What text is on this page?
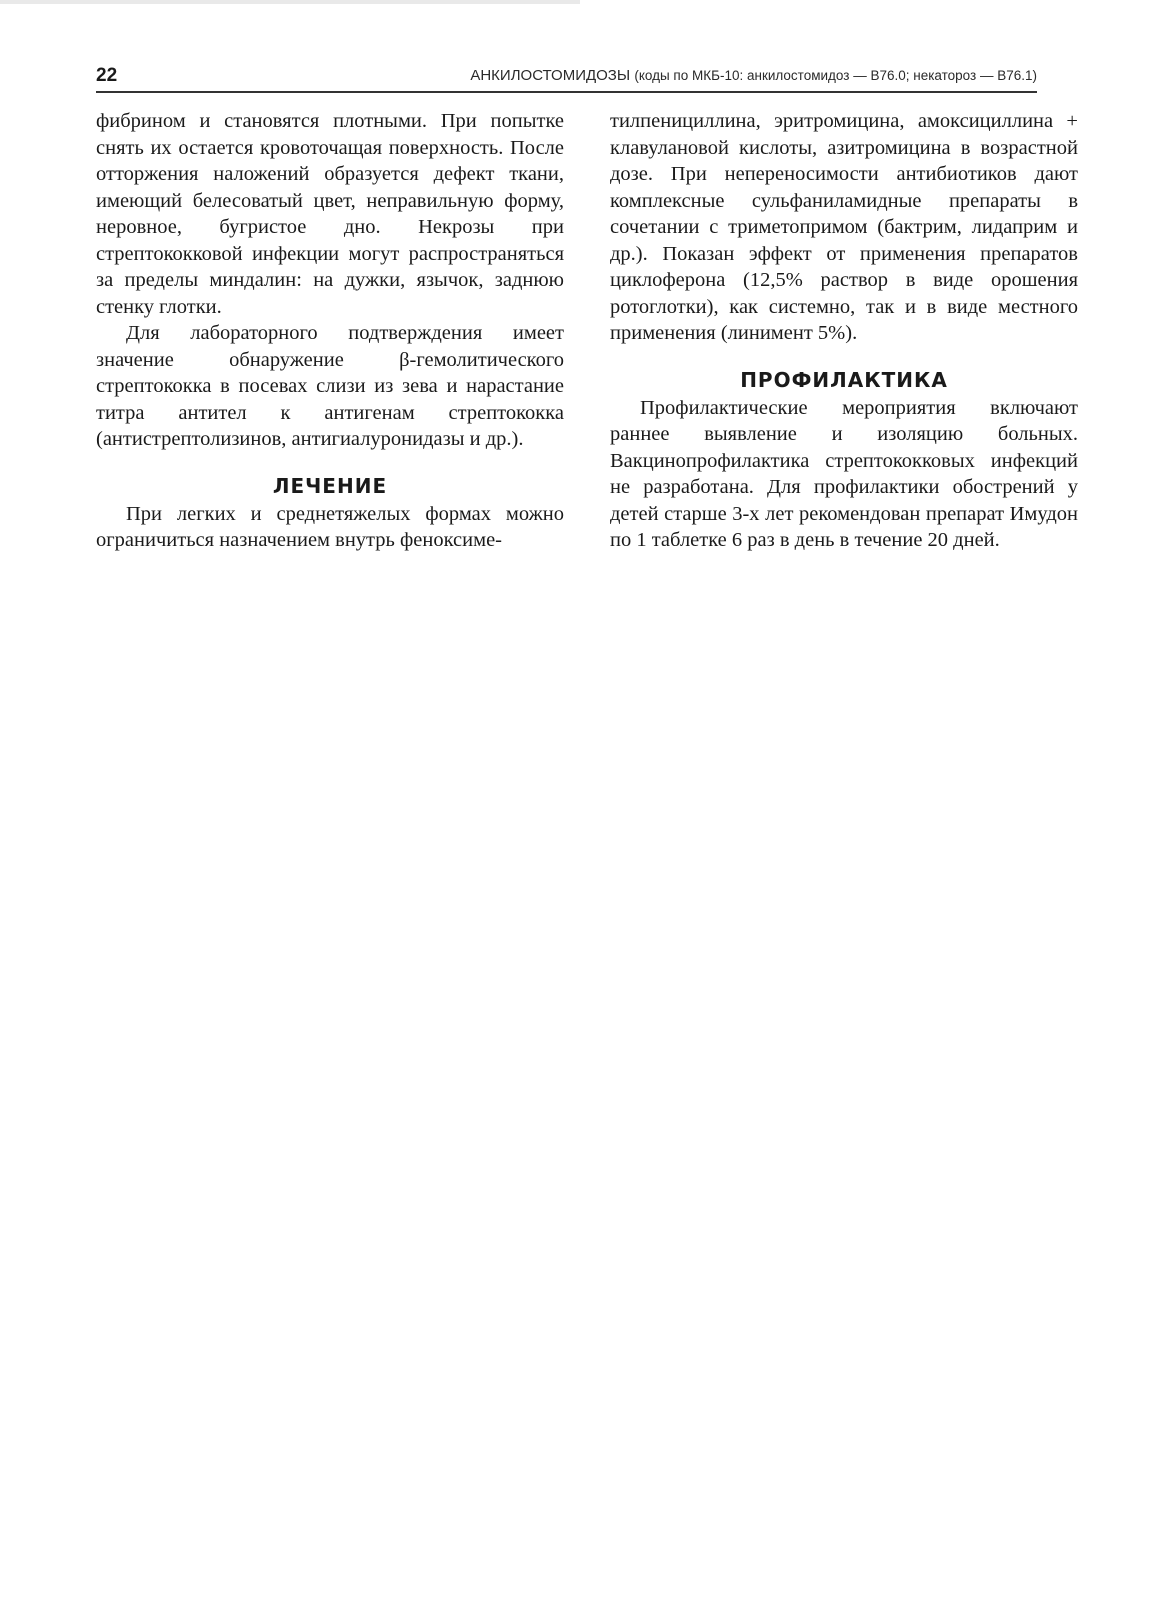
22	АНКИЛОСТОМИДОЗЫ (коды по МКБ-10: анкилостомидоз — B76.0; некатороз — B76.1)

фибрином и становятся плотными. При попытке снять их остается кровоточащая поверхность. После отторжения наложений образуется дефект ткани, имеющий белесоватый цвет, неправильную форму, неровное, бугристое дно. Некрозы при стрептококковой инфекции могут распространяться за пределы миндалин: на дужки, язычок, заднюю стенку глотки.

Для лабораторного подтверждения имеет значение обнаружение β-гемолитического стрептококка в посевах слизи из зева и нарастание титра антител к антигенам стрептококка (антистрептолизинов, антигиалуронидазы и др.).

ЛЕЧЕНИЕ

При легких и среднетяжелых формах можно ограничиться назначением внутрь феноксиме-

тилпенициллина, эритромицина, амоксициллина + клавулановой кислоты, азитромицина в возрастной дозе. При непереносимости антибиотиков дают комплексные сульфаниламидные препараты в сочетании с триметопримом (бактрим, лидаприм и др.). Показан эффект от применения препаратов циклоферона (12,5% раствор в виде орошения ротоглотки), как системно, так и в виде местного применения (линимент 5%).

ПРОФИЛАКТИКА

Профилактические мероприятия включают раннее выявление и изоляцию больных. Вакцинопрофилактика стрептококковых инфекций не разработана. Для профилактики обострений у детей старше 3-х лет рекомендован препарат Имудон по 1 таблетке 6 раз в день в течение 20 дней.
